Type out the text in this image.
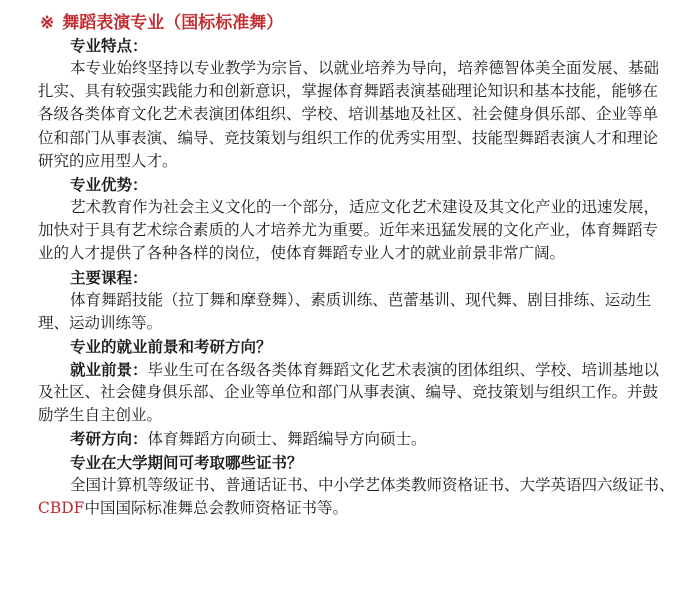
※ 舞蹈表演专业（国标标准舞）
专业特点：
本专业始终坚持以专业教学为宗旨、以就业培养为导向，培养德智体美全面发展、基础
扎实、具有较强实践能力和创新意识，掌握体育舞蹈表演基础理论知识和基本技能，能够在
各级各类体育文化艺术表演团体组织、学校、培训基地及社区、社会健身俱乐部、企业等单
位和部门从事表演、编导、竞技策划与组织工作的优秀实用型、技能型舞蹈表演人才和理论
研究的应用型人才。
专业优势：
艺术教育作为社会主义文化的一个部分，适应文化艺术建设及其文化产业的迅速发展，
加快对于具有艺术综合素质的人才培养尤为重要。近年来迅猛发展的文化产业，体育舞蹈专
业的人才提供了各种各样的岗位，使体育舞蹈专业人才的就业前景非常广阔。
主要课程：
体育舞蹈技能（拉丁舞和摩登舞）、素质训练、芭蕾基训、现代舞、剧目排练、运动生
理、运动训练等。
专业的就业前景和考研方向？
就业前景：毕业生可在各级各类体育舞蹈文化艺术表演的团体组织、学校、培训基地以
及社区、社会健身俱乐部、企业等单位和部门从事表演、编导、竞技策划与组织工作。并鼓
励学生自主创业。
考研方向：体育舞蹈方向硕士、舞蹈编导方向硕士。
专业在大学期间可考取哪些证书？
全国计算机等级证书、普通话证书、中小学艺体类教师资格证书、大学英语四六级证书、
CBDF中国国际标准舞总会教师资格证书等。
